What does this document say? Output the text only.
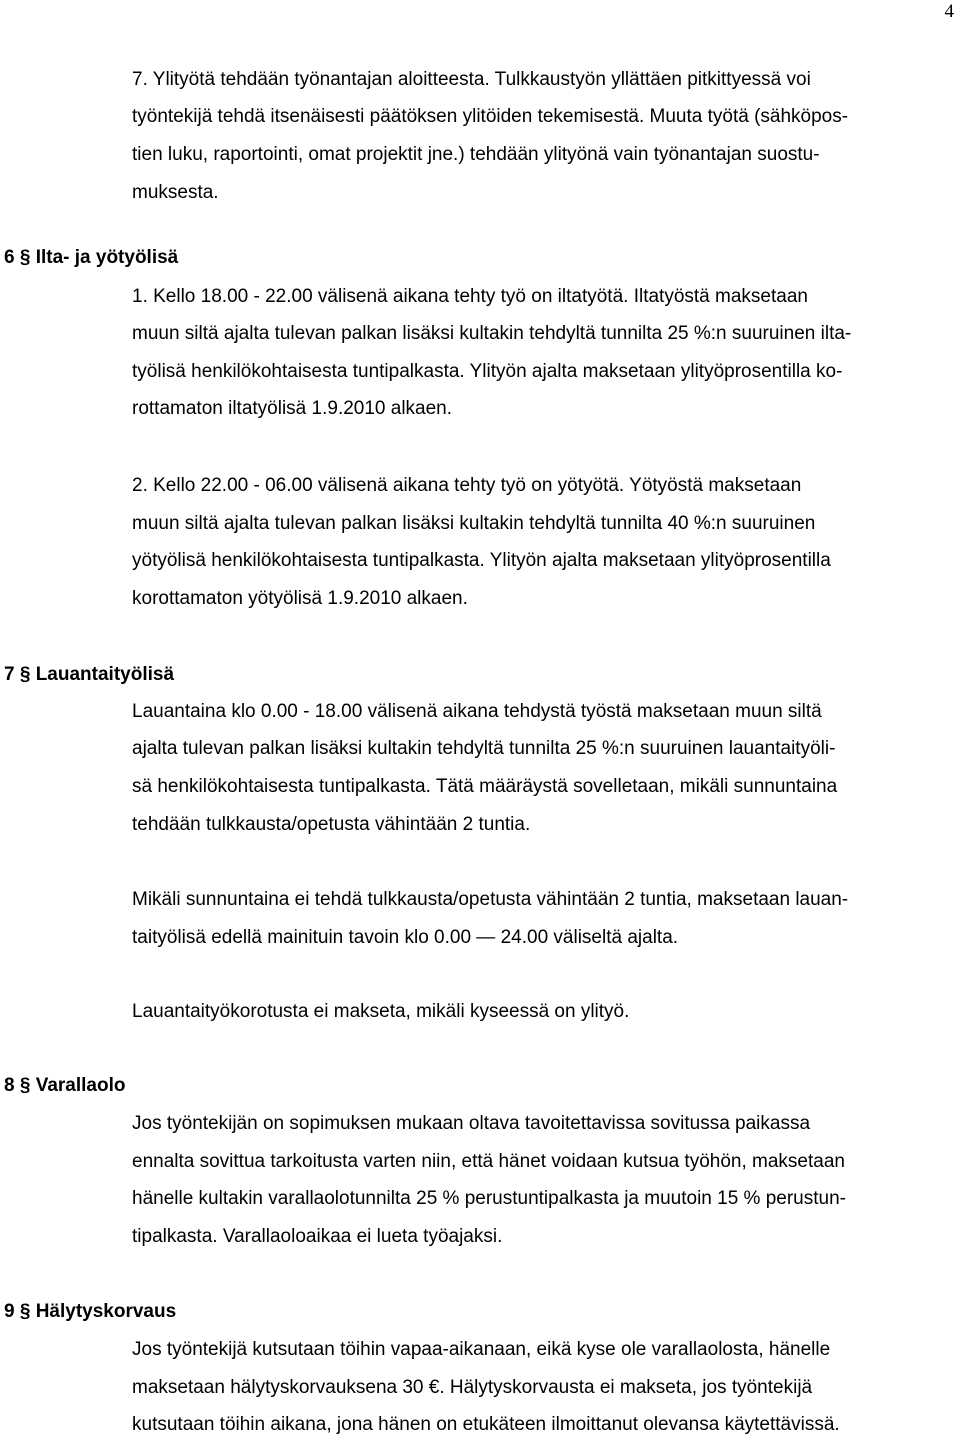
4
7. Ylityötä tehdään työnantajan aloitteesta. Tulkkaustyön yllättäen pitkittyessä voi
työntekijä tehdä itsenäisesti päätöksen ylitöiden tekemisestä. Muuta työtä (sähköpos-
tien luku, raportointi, omat projektit jne.) tehdään ylityönä vain työnantajan suostu-
muksesta.
6 § Ilta- ja yötyölisä
1. Kello 18.00 - 22.00 välisenä aikana tehty työ on iltatyötä. Iltatyöstä maksetaan
muun siltä ajalta tulevan palkan lisäksi kultakin tehdyltä tunnilta 25 %:n suuruinen ilta-
työlisä henkilökohtaisesta tuntipalkasta. Ylityön ajalta maksetaan ylityöprosentilla ko-
rottamaton iltatyölisä 1.9.2010 alkaen.
2. Kello 22.00 - 06.00 välisenä aikana tehty työ on yötyötä. Yötyöstä maksetaan
muun siltä ajalta tulevan palkan lisäksi kultakin tehdyltä tunnilta 40 %:n suuruinen
yötyölisä henkilökohtaisesta tuntipalkasta. Ylityön ajalta maksetaan ylityöprosentilla
korottamaton yötyölisä 1.9.2010 alkaen.
7 § Lauantaityölisä
Lauantaina klo 0.00 - 18.00 välisenä aikana tehdystä työstä maksetaan muun siltä
ajalta tulevan palkan lisäksi kultakin tehdyltä tunnilta 25 %:n suuruinen lauantaityöli-
sä henkilökohtaisesta tuntipalkasta. Tätä määräystä sovelletaan, mikäli sunnuntaina
tehdään tulkkausta/opetusta vähintään 2 tuntia.
Mikäli sunnuntaina ei tehdä tulkkausta/opetusta vähintään 2 tuntia, maksetaan lauan-
taityölisä edellä mainituin tavoin klo 0.00 — 24.00 väliseltä ajalta.
Lauantaityökorotusta ei makseta, mikäli kyseessä on ylityö.
8 § Varallaolo
Jos työntekijän on sopimuksen mukaan oltava tavoitettavissa sovitussa paikassa
ennalta sovittua tarkoitusta varten niin, että hänet voidaan kutsua työhön, maksetaan
hänelle kultakin varallaolotunnilta 25 % perustuntipalkasta ja muutoin 15 % perustun-
tipalkasta. Varallaoloaikaa ei lueta työajaksi.
9 § Hälytyskorvaus
Jos työntekijä kutsutaan töihin vapaa-aikanaan, eikä kyse ole varallaolosta, hänelle
maksetaan hälytyskorvauksena 30 €. Hälytyskorvausta ei makseta, jos työntekijä
kutsutaan töihin aikana, jona hänen on etukäteen ilmoittanut olevansa käytettävissä.
